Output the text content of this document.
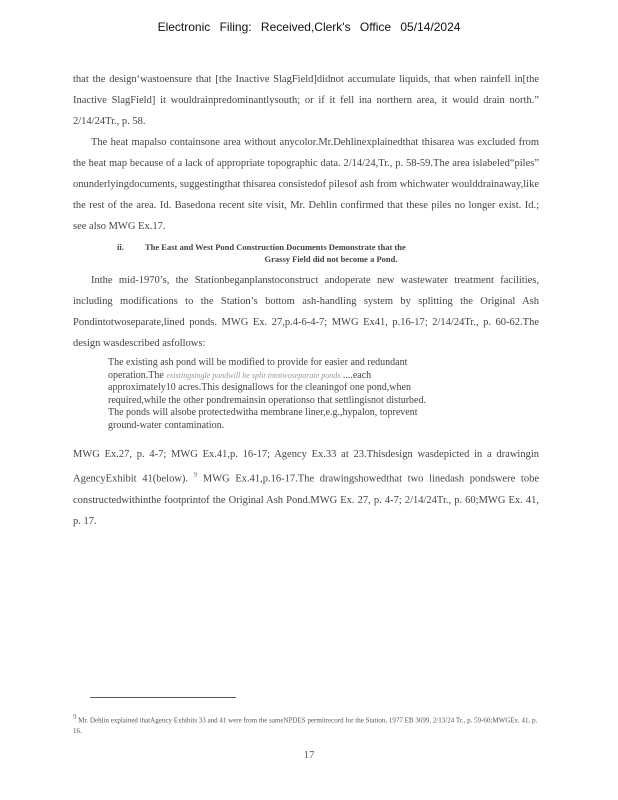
Electronic Filing: Received,Clerk's Office 05/14/2024
that the design‘wastoensure that [the Inactive SlagField]didnot accumulate liquids, that when rainfell in[the Inactive SlagField] it wouldrainpredominantlysouth; or if it fell ina northern area, it would drain north.” 2/14/24Tr., p. 58.
The heat mapalso containsone area without anycolor.Mr.Dehlinexplainedthat thisarea was excluded from the heat map because of a lack of appropriate topographic data. 2/14/24,Tr., p. 58-59.The area islabeled“piles” onunderlyingdocuments, suggestingthat thisarea consistedof pilesof ash from whichwater woulddrainaway,like the rest of the area. Id. Basedona recent site visit, Mr. Dehlin confirmed that these piles no longer exist. Id.; see also MWG Ex.17.
ii. The East and West Pond Construction Documents Demonstrate that the
Grassy Field did not become a Pond.
Inthe mid-1970’s, the Stationbeganplanstoconstruct andoperate new wastewater treatment facilities, including modifications to the Station’s bottom ash-handling system by splitting the Original Ash Pondintotwoseparate,lined ponds. MWG Ex. 27,p.4-6-4-7; MWG Ex41, p.16-17; 2/14/24Tr., p. 60-62.The design wasdescribed asfollows:
The existing ash pond will be modified to provide for easier and redundant
operation.The existingsingle pondwill be split intotwoseparate ponds ....each
approximately10 acres.This designallows for the cleaningof one pond,when
required,while the other pondremainsin operationso that settlingisnot disturbed.
The ponds will alsobe protectedwitha membrane liner,e.g.,hypalon, toprevent
ground-water contamination.
MWG Ex.27, p. 4-7; MWG Ex.41,p. 16-17; Agency Ex.33 at 23.Thisdesign wasdepicted in a drawingin AgencyExhibit 41(below). $^9$ MWG Ex.41,p.16-17.The drawingshowedthat two linedash pondswere tobe constructedwithinthe footprintof the Original Ash Pond.MWG Ex. 27, p. 4-7; 2/14/24Tr., p. 60;MWG Ex. 41, p. 17.
9 Mr. Dehlin explained thatAgency Exhibits 33 and 41 were from the sameNPDES permitrecord for the Station, 1977 EB 3699. 2/13/24 Tr., p. 59-60;MWGEx. 41, p. 16.
17
